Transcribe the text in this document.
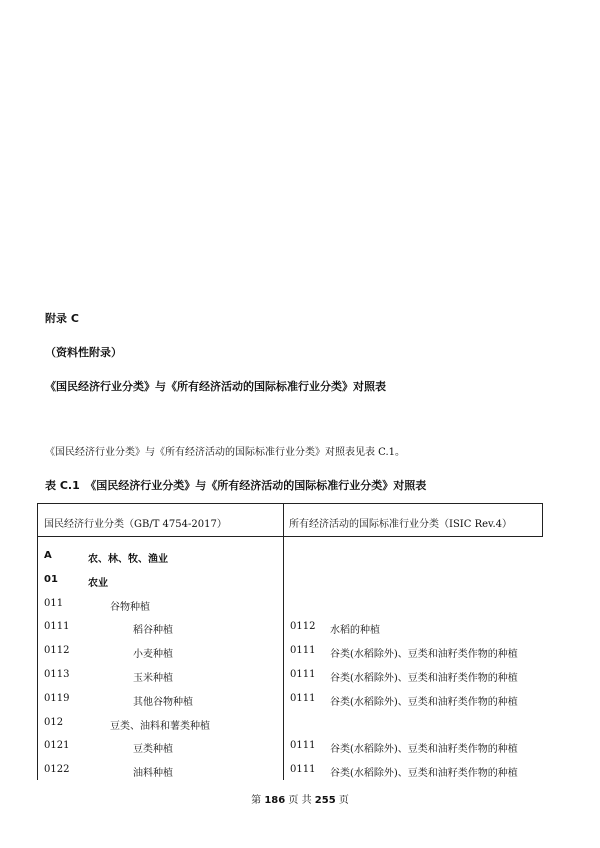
附录 C
（资料性附录）
《国民经济行业分类》与《所有经济活动的国际标准行业分类》对照表
《国民经济行业分类》与《所有经济活动的国际标准行业分类》对照表见表 C.1。
表 C.1　《国民经济行业分类》与《所有经济活动的国际标准行业分类》对照表
国民经济行业分类（GB/T 4754-2017）	所有经济活动的国际标准行业分类（ISIC Rev.4）
A	农、林、牧、渔业
01	农业
011	谷物种植
0111	稻谷种植	0112 水稻的种植
0112	小麦种植	0111 谷类(水稻除外)、豆类和油籽类作物的种植
0113	玉米种植	0111 谷类(水稻除外)、豆类和油籽类作物的种植
0119	其他谷物种植	0111 谷类(水稻除外)、豆类和油籽类作物的种植
012	豆类、油料和薯类种植
0121	豆类种植	0111 谷类(水稻除外)、豆类和油籽类作物的种植
0122	油料种植	0111 谷类(水稻除外)、豆类和油籽类作物的种植
第 186 页 共 255 页
